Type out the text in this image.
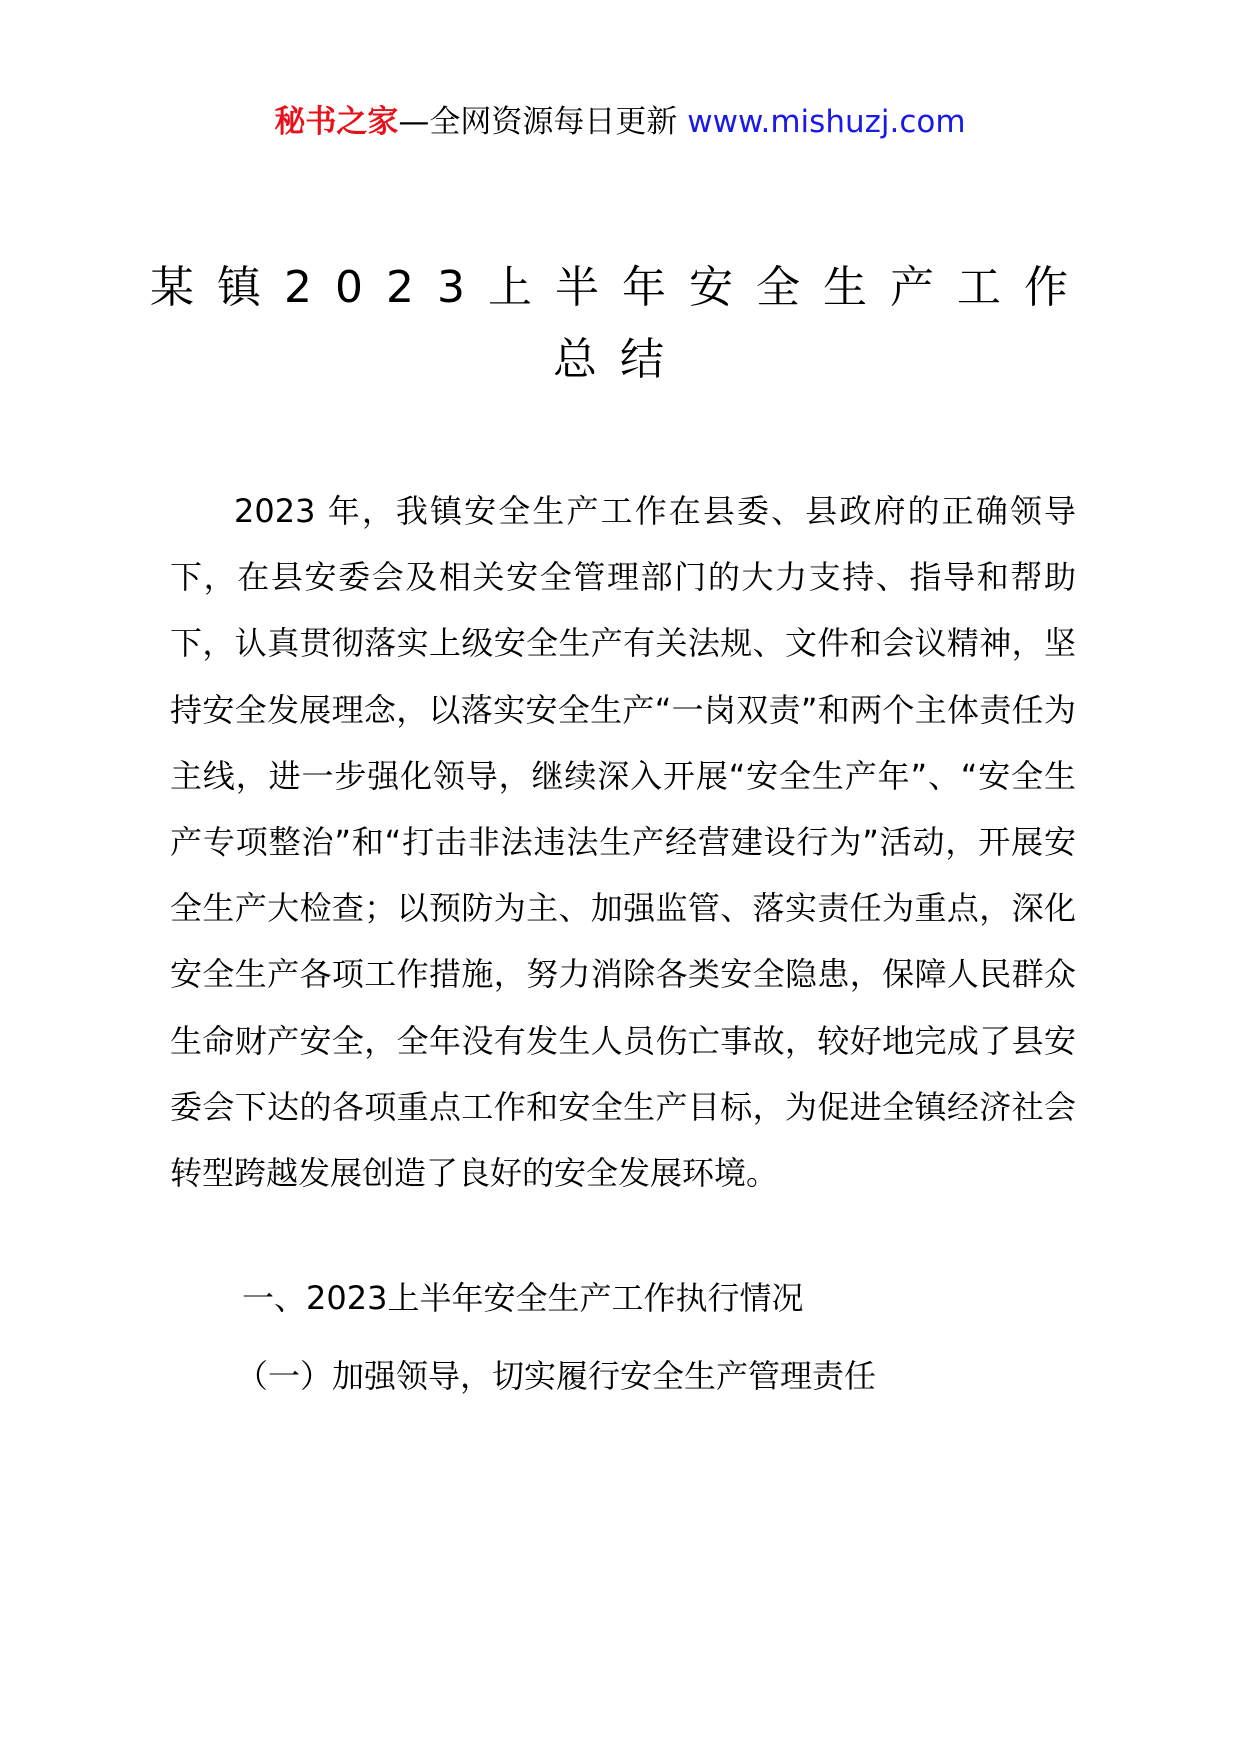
秘书之家—全网资源每日更新 www.mishuzj.com
某镇2023上半年安全生产工作
总结

2023 年，我镇安全生产工作在县委、县政府的正确领导下，在县安委会及相关安全管理部门的大力支持、指导和帮助下，认真贯彻落实上级安全生产有关法规、文件和会议精神，坚持安全发展理念，以落实安全生产“一岗双责”和两个主体责任为主线，进一步强化领导，继续深入开展“安全生产年”、“安全生产专项整治”和“打击非法违法生产经营建设行为”活动，开展安全生产大检查；以预防为主、加强监管、落实责任为重点，深化安全生产各项工作措施，努力消除各类安全隐患，保障人民群众生命财产安全，全年没有发生人员伤亡事故，较好地完成了县安委会下达的各项重点工作和安全生产目标，为促进全镇经济社会转型跨越发展创造了良好的安全发展环境。

一、2023上半年安全生产工作执行情况
（一）加强领导，切实履行安全生产管理责任
